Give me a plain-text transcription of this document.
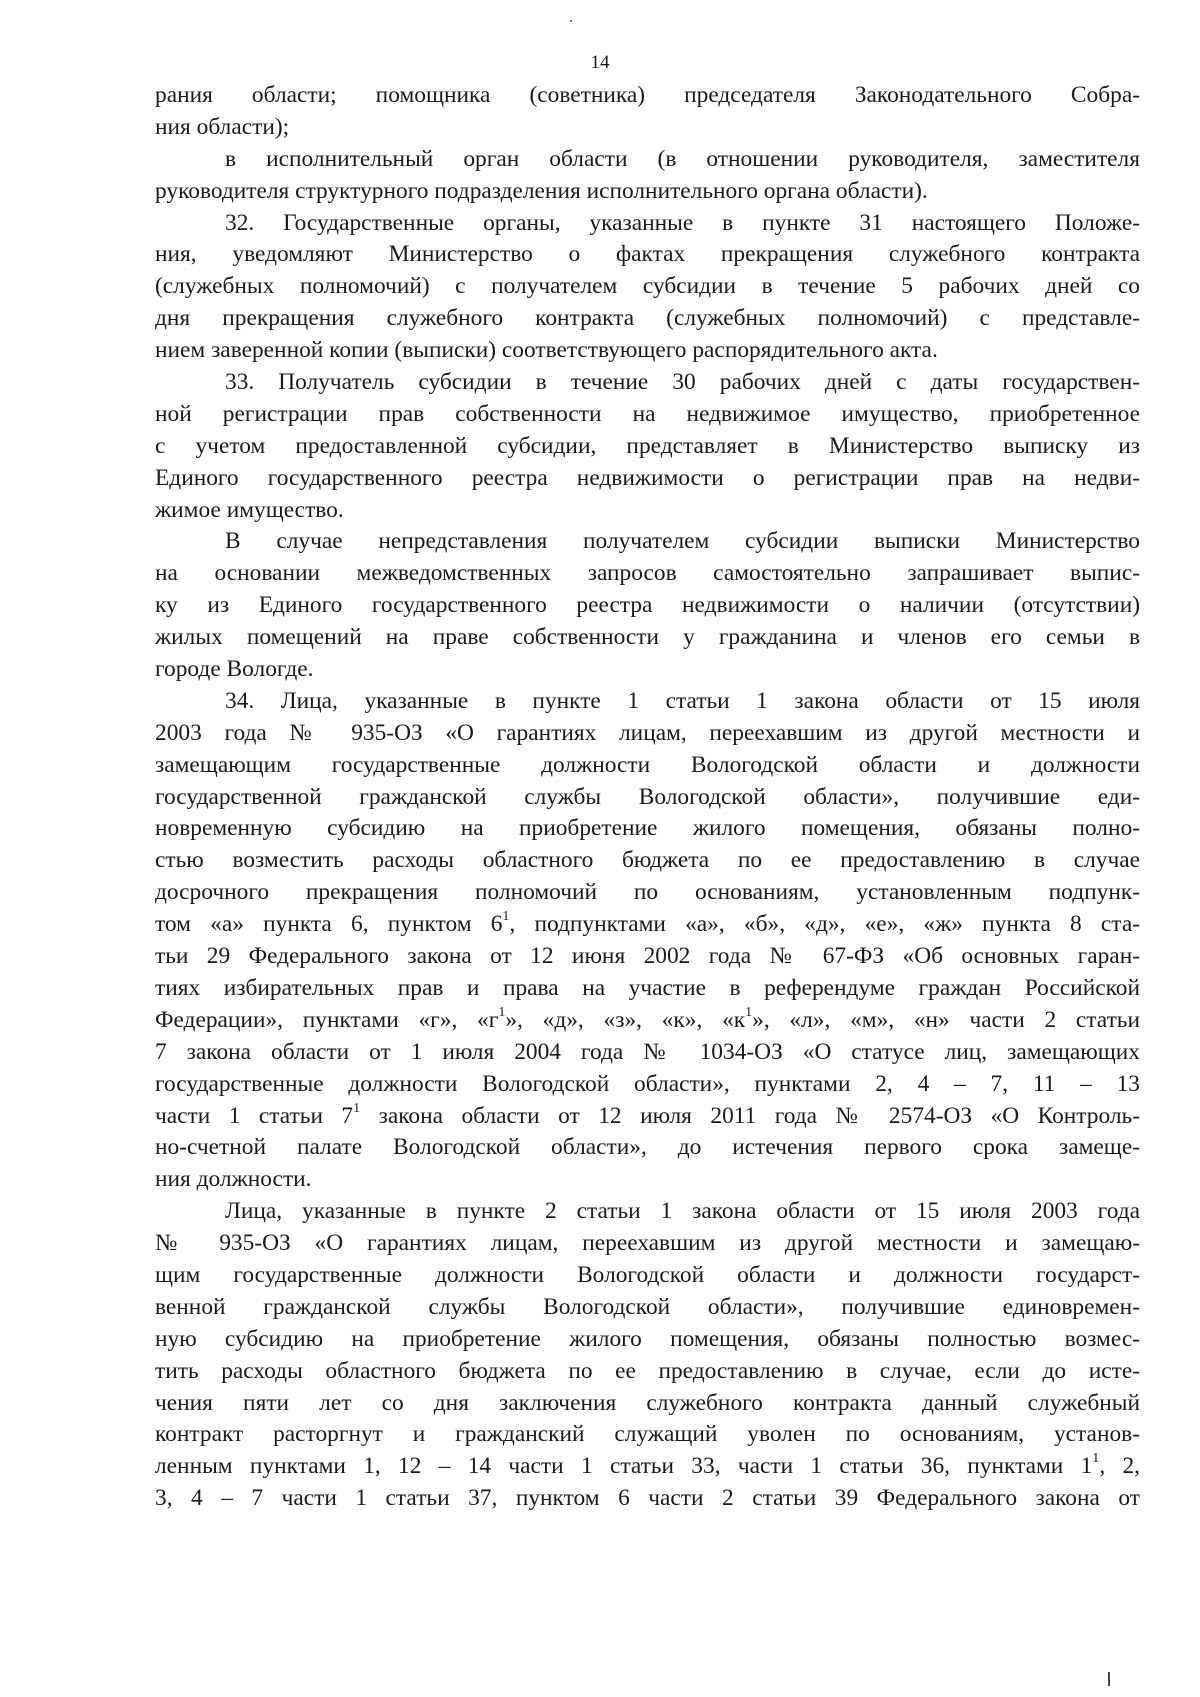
14
рания области; помощника (советника) председателя Законодательного Собра-
ния области);
в исполнительный орган области (в отношении руководителя, заместителя
руководителя структурного подразделения исполнительного органа области).
32. Государственные органы, указанные в пункте 31 настоящего Положе-
ния, уведомляют Министерство о фактах прекращения служебного контракта
(служебных полномочий) с получателем субсидии в течение 5 рабочих дней со
дня прекращения служебного контракта (служебных полномочий) с представле-
нием заверенной копии (выписки) соответствующего распорядительного акта.
33. Получатель субсидии в течение 30 рабочих дней с даты государствен-
ной регистрации прав собственности на недвижимое имущество, приобретенное
с учетом предоставленной субсидии, представляет в Министерство выписку из
Единого государственного реестра недвижимости о регистрации прав на недви-
жимое имущество.
В случае непредставления получателем субсидии выписки Министерство
на основании межведомственных запросов самостоятельно запрашивает выпис-
ку из Единого государственного реестра недвижимости о наличии (отсутствии)
жилых помещений на праве собственности у гражданина и членов его семьи в
городе Вологде.
34. Лица, указанные в пункте 1 статьи 1 закона области от 15 июля
2003 года № 935-ОЗ «О гарантиях лицам, переехавшим из другой местности и
замещающим государственные должности Вологодской области и должности
государственной гражданской службы Вологодской области», получившие еди-
новременную субсидию на приобретение жилого помещения, обязаны полно-
стью возместить расходы областного бюджета по ее предоставлению в случае
досрочного прекращения полномочий по основаниям, установленным подпунк-
том «а» пункта 6, пунктом $6^1$, подпунктами «а», «б», «д», «е», «ж» пункта 8 ста-
тьи 29 Федерального закона от 12 июня 2002 года № 67-ФЗ «Об основных гаран-
тиях избирательных прав и права на участие в референдуме граждан Российской
Федерации», пунктами «г», «$г^1$», «д», «з», «к», «$к^1$», «л», «м», «н» части 2 статьи
7 закона области от 1 июля 2004 года № 1034-ОЗ «О статусе лиц, замещающих
государственные должности Вологодской области», пунктами 2, 4 – 7, 11 – 13
части 1 статьи $7^1$ закона области от 12 июля 2011 года № 2574-ОЗ «О Контроль-
но-счетной палате Вологодской области», до истечения первого срока замеще-
ния должности.
Лица, указанные в пункте 2 статьи 1 закона области от 15 июля 2003 года
№ 935-ОЗ «О гарантиях лицам, переехавшим из другой местности и замещаю-
щим государственные должности Вологодской области и должности государст-
венной гражданской службы Вологодской области», получившие единовремен-
ную субсидию на приобретение жилого помещения, обязаны полностью возмес-
тить расходы областного бюджета по ее предоставлению в случае, если до исте-
чения пяти лет со дня заключения служебного контракта данный служебный
контракт расторгнут и гражданский служащий уволен по основаниям, установ-
ленным пунктами 1, 12 – 14 части 1 статьи 33, части 1 статьи 36, пунктами $1^1$, 2,
3, 4 – 7 части 1 статьи 37, пунктом 6 части 2 статьи 39 Федерального закона от
